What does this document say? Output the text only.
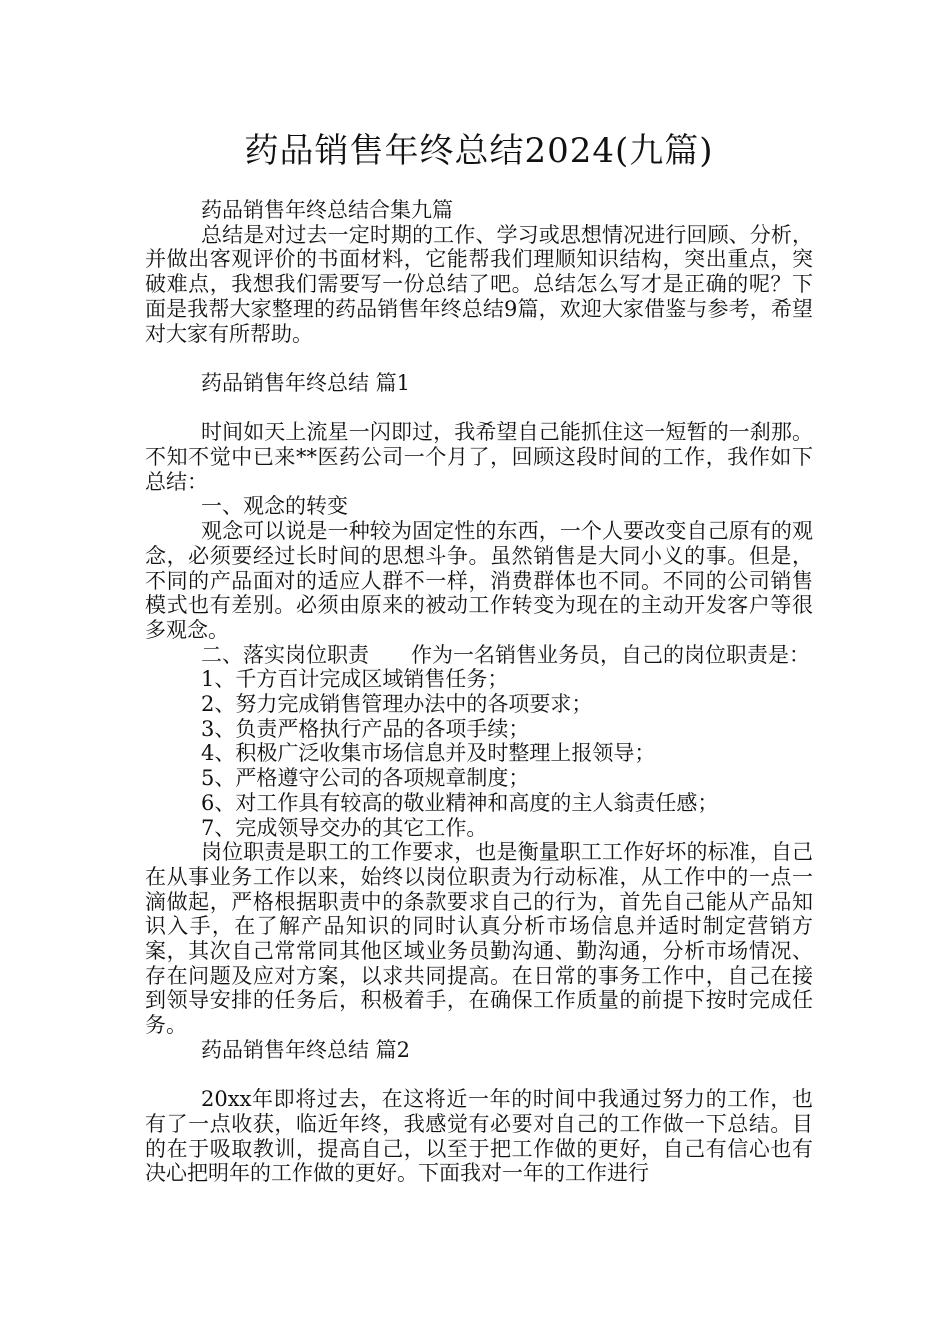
药品销售年终总结2024(九篇)

药品销售年终总结合集九篇

总结是对过去一定时期的工作、学习或思想情况进行回顾、分析，并做出客观评价的书面材料，它能帮我们理顺知识结构，突出重点，突破难点，我想我们需要写一份总结了吧。总结怎么写才是正确的呢？下面是我帮大家整理的药品销售年终总结9篇，欢迎大家借鉴与参考，希望对大家有所帮助。

药品销售年终总结 篇1

时间如天上流星一闪即过，我希望自己能抓住这一短暂的一刹那。不知不觉中已来**医药公司一个月了，回顾这段时间的工作，我作如下总结：

一、观念的转变

观念可以说是一种较为固定性的东西，一个人要改变自己原有的观念，必须要经过长时间的思想斗争。虽然销售是大同小义的事。但是，不同的产品面对的适应人群不一样，消费群体也不同。不同的公司销售模式也有差别。必须由原来的被动工作转变为现在的主动开发客户等很多观念。

二、落实岗位职责　　作为一名销售业务员，自己的岗位职责是：

1、千方百计完成区域销售任务；

2、努力完成销售管理办法中的各项要求；

3、负责严格执行产品的各项手续；

4、积极广泛收集市场信息并及时整理上报领导；

5、严格遵守公司的各项规章制度；

6、对工作具有较高的敬业精神和高度的主人翁责任感；

7、完成领导交办的其它工作。

岗位职责是职工的工作要求，也是衡量职工工作好坏的标准，自己在从事业务工作以来，始终以岗位职责为行动标准，从工作中的一点一滴做起，严格根据职责中的条款要求自己的行为，首先自己能从产品知识入手，在了解产品知识的同时认真分析市场信息并适时制定营销方案，其次自己常常同其他区域业务员勤沟通、勤沟通，分析市场情况、存在问题及应对方案，以求共同提高。在日常的事务工作中，自己在接到领导安排的任务后，积极着手，在确保工作质量的前提下按时完成任务。

药品销售年终总结 篇2

20xx年即将过去，在这将近一年的时间中我通过努力的工作，也有了一点收获，临近年终，我感觉有必要对自己的工作做一下总结。目的在于吸取教训，提高自己，以至于把工作做的更好，自己有信心也有决心把明年的工作做的更好。下面我对一年的工作进行
